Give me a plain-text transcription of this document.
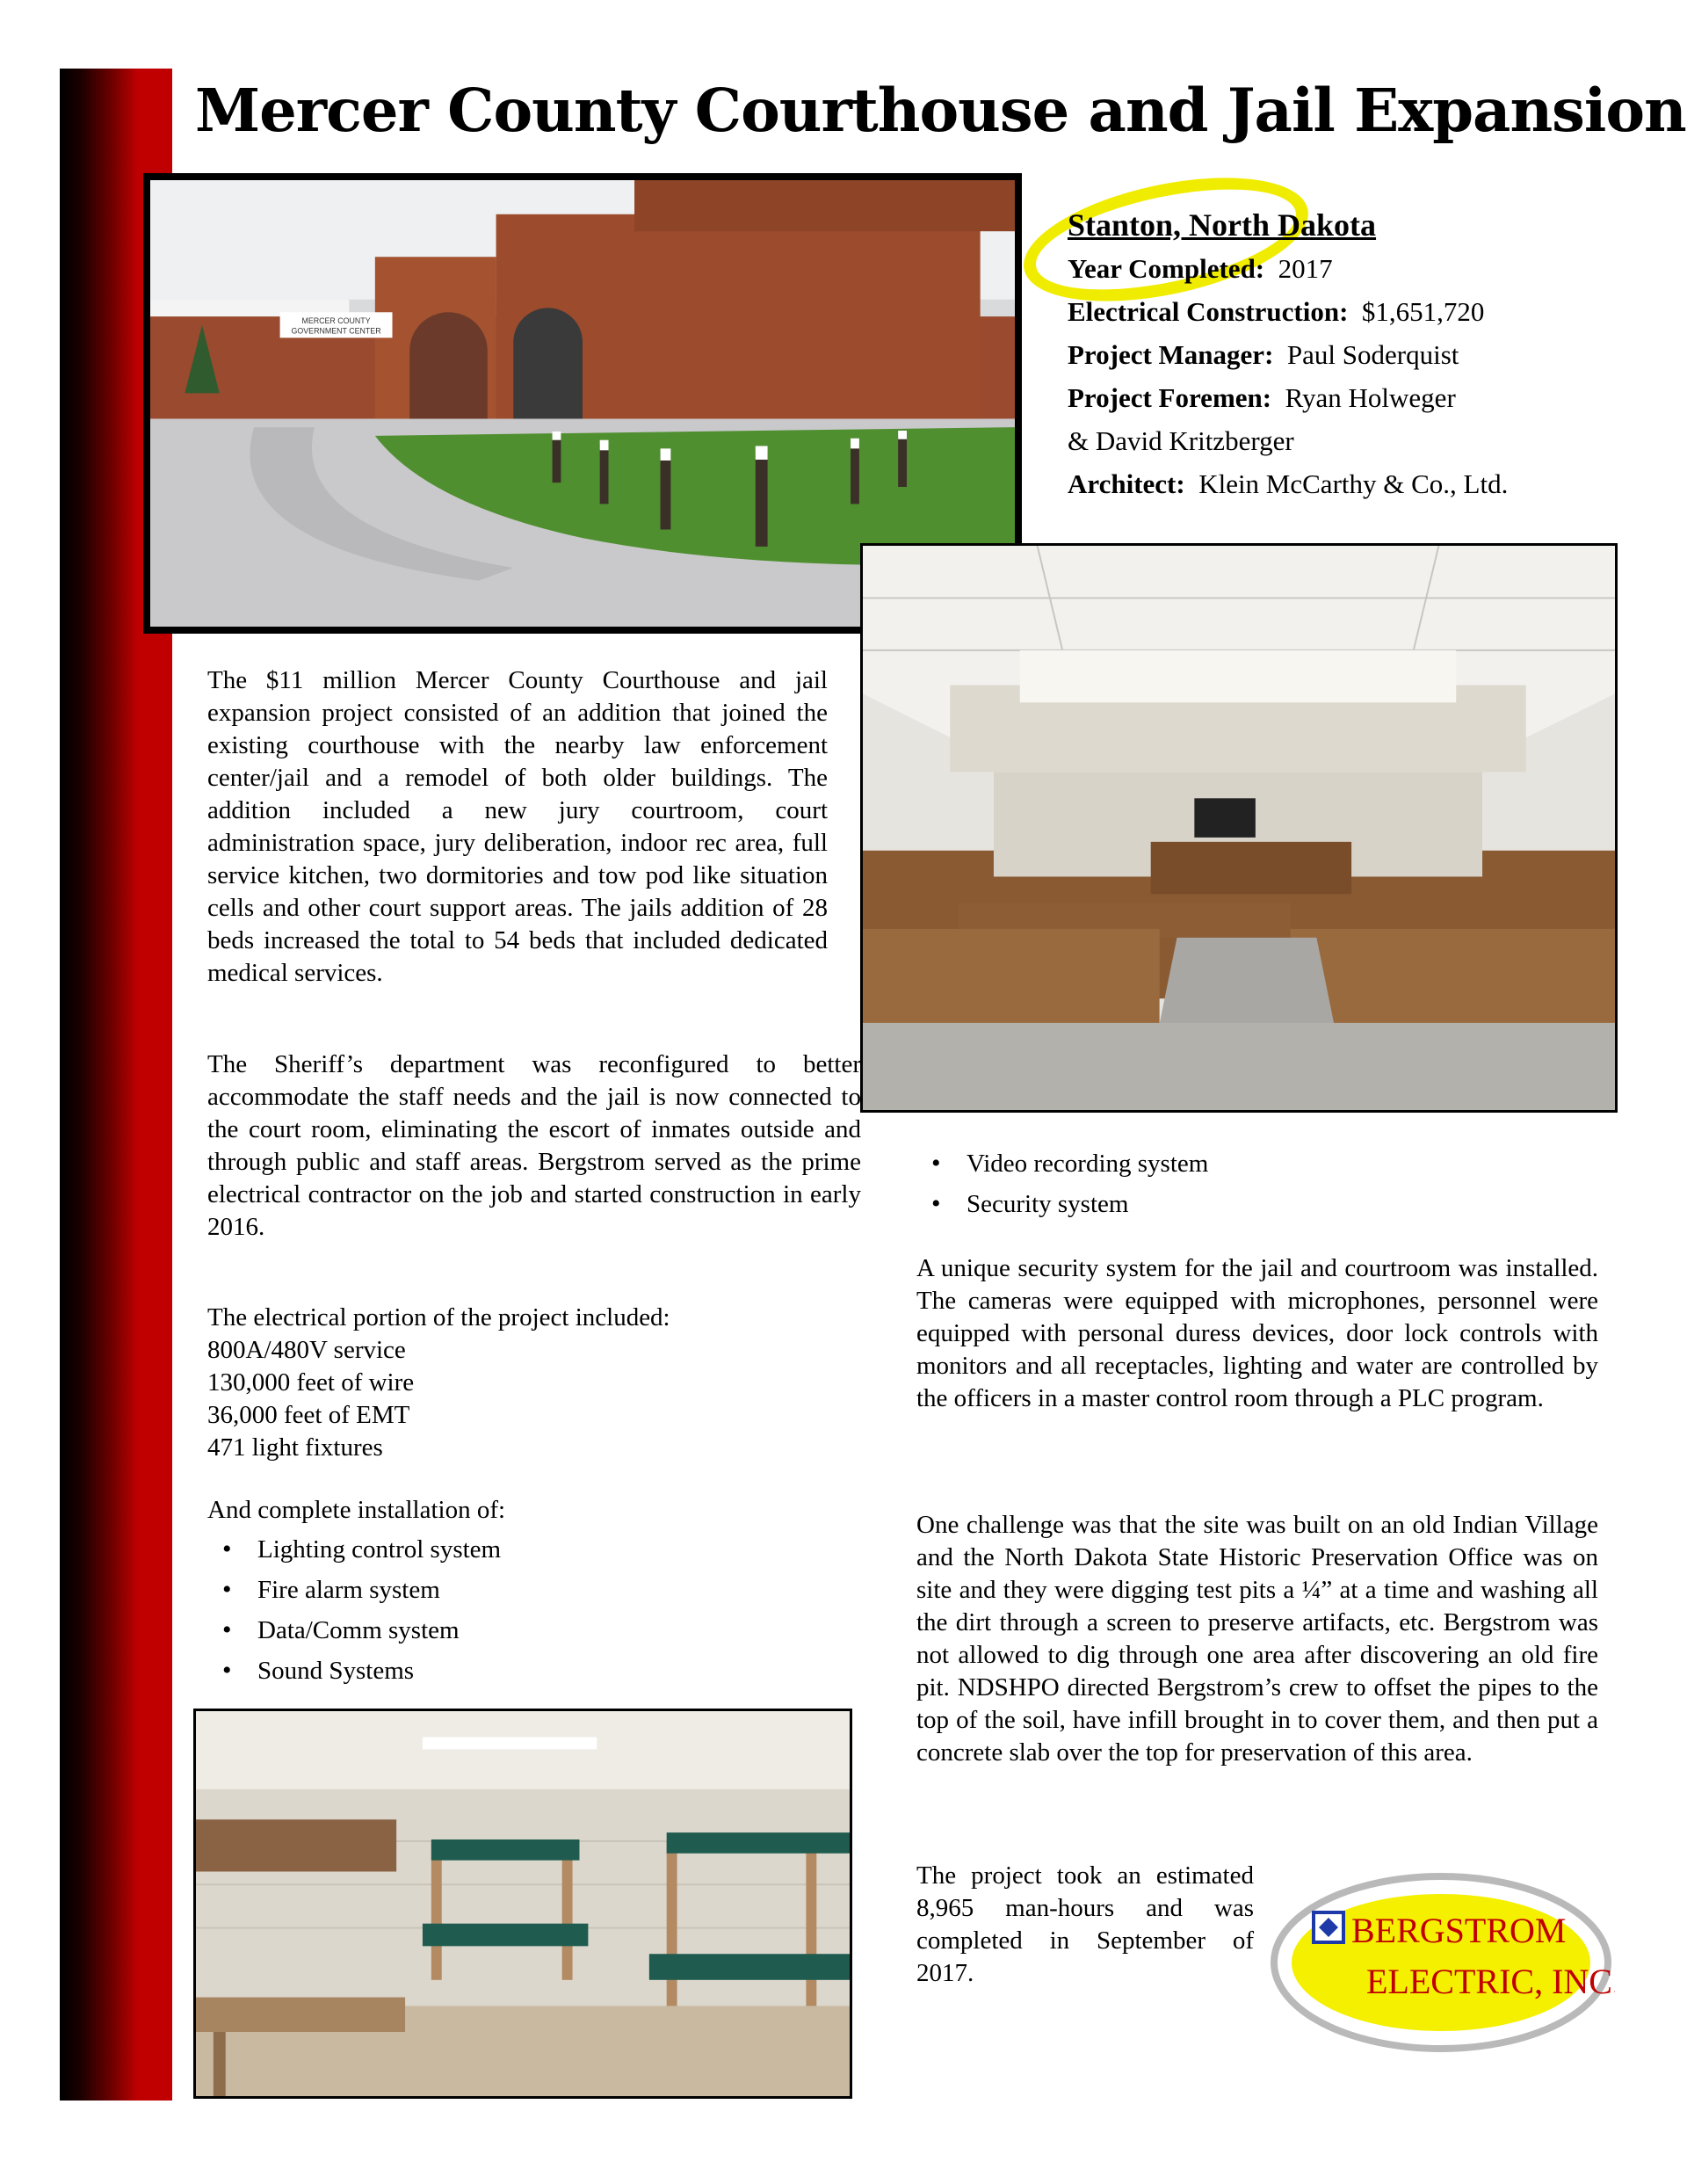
Mercer County Courthouse and Jail Expansion
MERCER COUNTY
GOVERNMENT CENTER
Stanton, North Dakota
Year Completed: 2017
Electrical Construction: $1,651,720
Project Manager: Paul Soderquist
Project Foremen: Ryan Holweger
& David Kritzberger
Architect: Klein McCarthy & Co., Ltd.

The $11 million Mercer County Courthouse and jail expansion project consisted of an addition that joined the existing courthouse with the nearby law enforcement center/jail and a remodel of both older buildings. The addition included a new jury courtroom, court administration space, jury deliberation, indoor rec area, full service kitchen, two dormitories and tow pod like situation cells and other court support areas. The jails addition of 28 beds increased the total to 54 beds that included dedicated medical services.

The Sheriff’s department was reconfigured to better accommodate the staff needs and the jail is now connected to the court room, eliminating the escort of inmates outside and through public and staff areas. Bergstrom served as the prime electrical contractor on the job and started construction in early 2016.

The electrical portion of the project included:
800A/480V service
130,000 feet of wire
36,000 feet of EMT
471 light fixtures
And complete installation of:
• Lighting control system
• Fire alarm system
• Data/Comm system
• Sound Systems
• Video recording system
• Security system

A unique security system for the jail and courtroom was installed. The cameras were equipped with microphones, personnel were equipped with personal duress devices, door lock controls with monitors and all receptacles, lighting and water are controlled by the officers in a master control room through a PLC program.

One challenge was that the site was built on an old Indian Village and the North Dakota State Historic Preservation Office was on site and they were digging test pits a ¼” at a time and washing all the dirt through a screen to preserve artifacts, etc. Bergstrom was not allowed to dig through one area after discovering an old fire pit. NDSHPO directed Bergstrom’s crew to offset the pipes to the top of the soil, have infill brought in to cover them, and then put a concrete slab over the top for preservation of this area.

The project took an estimated 8,965 man-hours and was completed in September of 2017.

BERGSTROM
ELECTRIC, INC.
